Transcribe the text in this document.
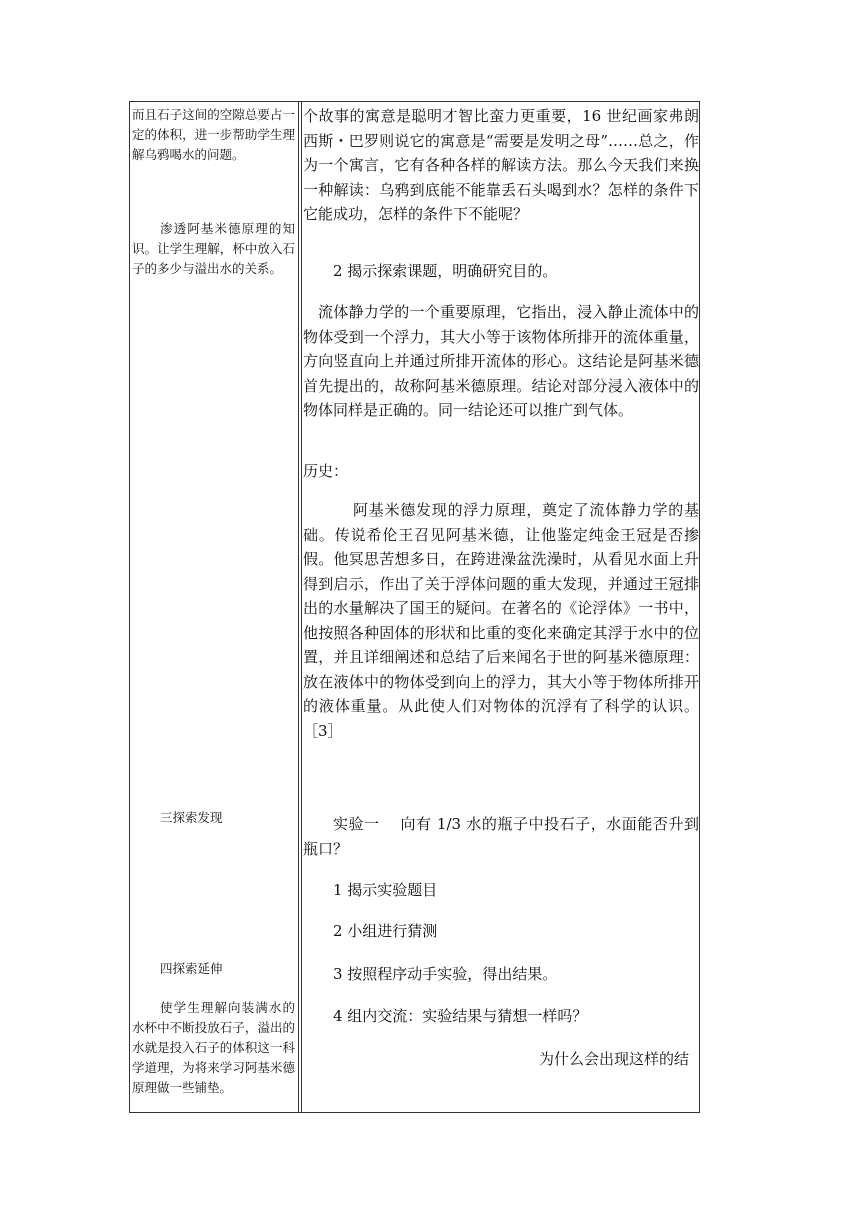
而且石子这间的空隙总要占一定的体积，进一步帮助学生理解乌鸦喝水的问题。

渗透阿基米德原理的知识。让学生理解，杯中放入石子的多少与溢出水的关系。

三探索发现

四探索延伸

使学生理解向装满水的水杯中不断投放石子，溢出的水就是投入石子的体积这一科学道理，为将来学习阿基米德原理做一些铺垫。

个故事的寓意是聪明才智比蛮力更重要，16 世纪画家弗朗西斯・巴罗则说它的寓意是“需要是发明之母”……总之，作为一个寓言，它有各种各样的解读方法。那么今天我们来换一种解读：乌鸦到底能不能靠丢石头喝到水？怎样的条件下它能成功，怎样的条件下不能呢？

2 揭示探索课题，明确研究目的。

流体静力学的一个重要原理，它指出，浸入静止流体中的物体受到一个浮力，其大小等于该物体所排开的流体重量，方向竖直向上并通过所排开流体的形心。这结论是阿基米德首先提出的，故称阿基米德原理。结论对部分浸入液体中的物体同样是正确的。同一结论还可以推广到气体。

历史：

阿基米德发现的浮力原理，奠定了流体静力学的基础。传说希伦王召见阿基米德，让他鉴定纯金王冠是否掺假。他冥思苦想多日，在跨进澡盆洗澡时，从看见水面上升得到启示，作出了关于浮体问题的重大发现，并通过王冠排出的水量解决了国王的疑问。在著名的《论浮体》一书中，他按照各种固体的形状和比重的变化来确定其浮于水中的位置，并且详细阐述和总结了后来闻名于世的阿基米德原理：放在液体中的物体受到向上的浮力，其大小等于物体所排开的液体重量。从此使人们对物体的沉浮有了科学的认识。［3］

实验一　 向有 1/3 水的瓶子中投石子，水面能否升到瓶口？

1 揭示实验题目

2 小组进行猜测

3 按照程序动手实验，得出结果。

4 组内交流：实验结果与猜想一样吗？

为什么会出现这样的结
